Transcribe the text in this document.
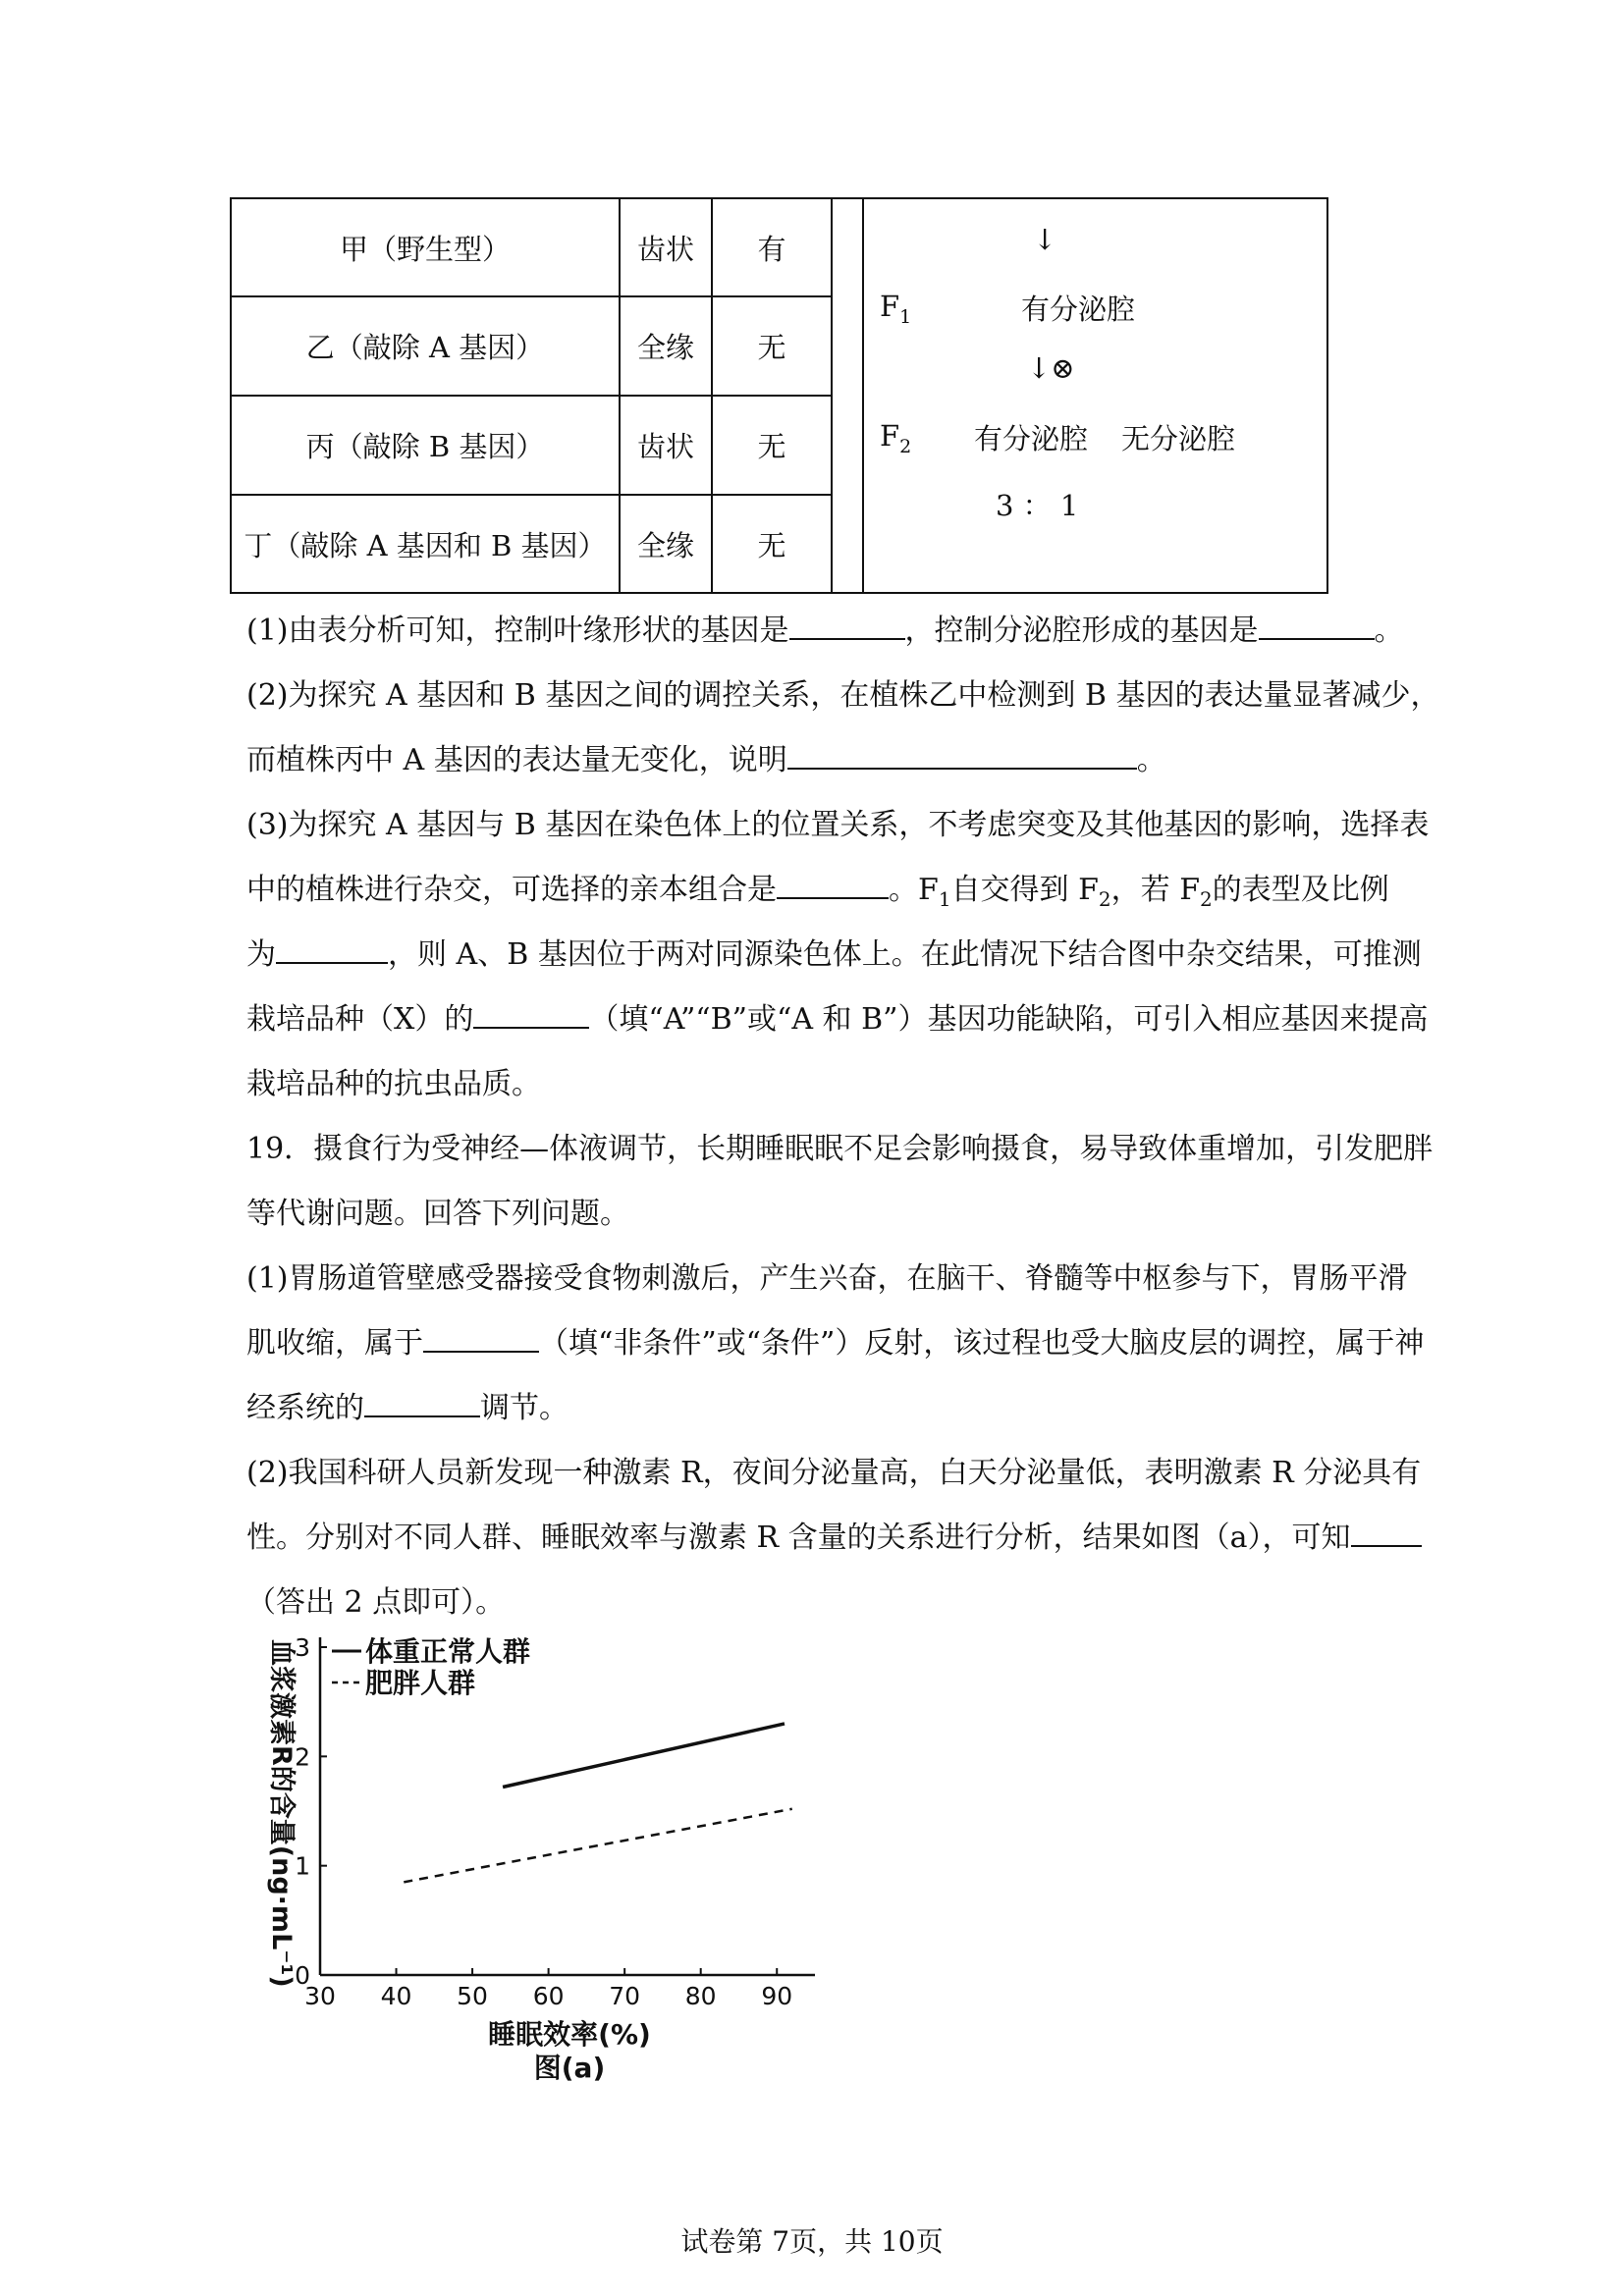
甲（野生型）	齿状	有
乙（敲除 A 基因）	全缘	无
丙（敲除 B 基因）	齿状	无
丁（敲除 A 基因和 B 基因）	全缘	无
↓
$F_1$	有分泌腔
↓⊗
$F_2$ 有分泌腔 无分泌腔
3 ： 1
(1)由表分析可知，控制叶缘形状的基因是	，控制分泌腔形成的基因是	。
(2)为探究 A 基因和 B 基因之间的调控关系，在植株乙中检测到 B 基因的表达量显著减少，
而植株丙中 A 基因的表达量无变化，说明	。
(3)为探究 A 基因与 B 基因在染色体上的位置关系，不考虑突变及其他基因的影响，选择表
中的植株进行杂交，可选择的亲本组合是	。$F_1$自交得到 $F_2$，若 $F_2$的表型及比例
为	，则 A、B 基因位于两对同源染色体上。在此情况下结合图中杂交结果，可推测
栽培品种（X）的	（填“A”“B”或“A 和 B”）基因功能缺陷，可引入相应基因来提高
栽培品种的抗虫品质。
19．摄食行为受神经—体液调节，长期睡眠眠不足会影响摄食，易导致体重增加，引发肥胖
等代谢问题。回答下列问题。
(1)胃肠道管壁感受器接受食物刺激后，产生兴奋，在脑干、脊髓等中枢参与下，胃肠平滑
肌收缩，属于	（填“非条件”或“条件”）反射，该过程也受大脑皮层的调控，属于神
经系统的	调节。
(2)我国科研人员新发现一种激素 R，夜间分泌量高，白天分泌量低，表明激素 R 分泌具有
性。分别对不同人群、睡眠效率与激素 R 含量的关系进行分析，结果如图（a），可知
（答出 2 点即可）。
30 40 50 60 70 80 90
0
1
2
3 体重正常人群
肥胖人群
血浆激素R的含量(ng·mL⁻¹)
睡眠效率(%)
图(a)
试卷第 7页，共 10页
